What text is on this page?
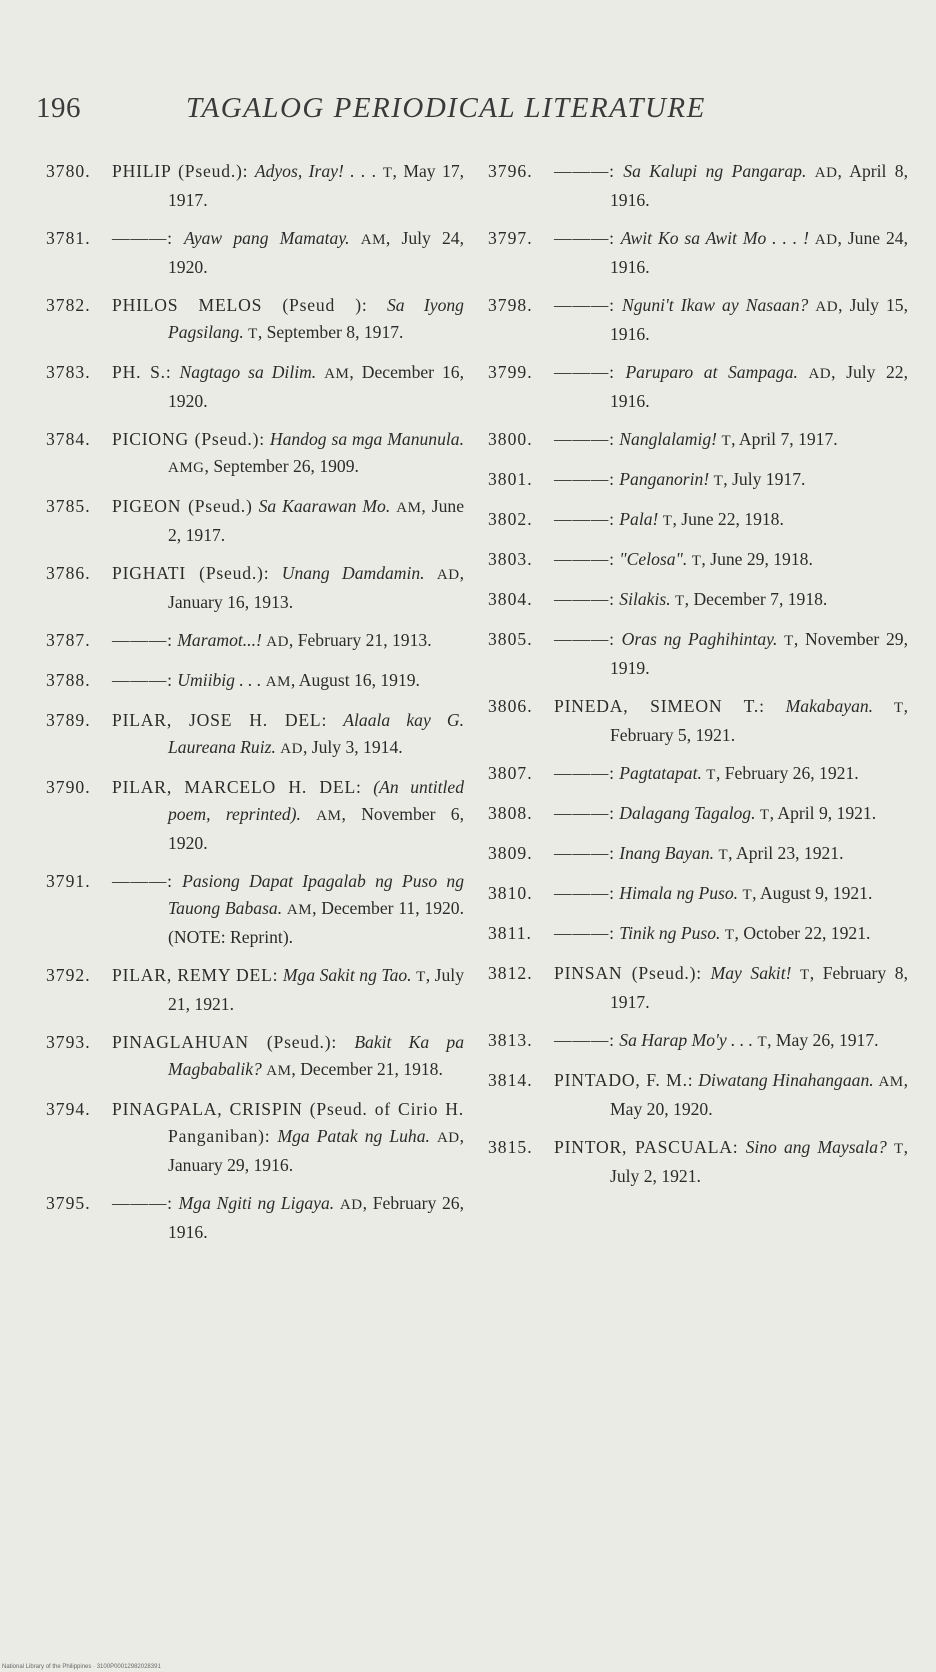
196	TAGALOG PERIODICAL LITERATURE
3780. PHILIP (Pseud.): Adyos, Iray! . . . T, May 17, 1917.
3781. ———: Ayaw pang Mamatay. AM, July 24, 1920.
3782. PHILOS MELOS (Pseud ): Sa Iyong Pagsilang. T, September 8, 1917.
3783. PH. S.: Nagtago sa Dilim. AM, December 16, 1920.
3784. PICIONG (Pseud.): Handog sa mga Manunula. AMG, September 26, 1909.
3785. PIGEON (Pseud.) Sa Kaarawan Mo. AM, June 2, 1917.
3786. PIGHATI (Pseud.): Unang Damdamin. AD, January 16, 1913.
3787. ———: Maramot...! AD, February 21, 1913.
3788. ———: Umiibig . . . AM, August 16, 1919.
3789. PILAR, JOSE H. DEL: Alaala kay G. Laureana Ruiz. AD, July 3, 1914.
3790. PILAR, MARCELO H. DEL: (An untitled poem, reprinted). AM, November 6, 1920.
3791. ———: Pasiong Dapat Ipagalab ng Puso ng Tauong Babasa. AM, December 11, 1920. (NOTE: Reprint).
3792. PILAR, REMY DEL: Mga Sakit ng Tao. T, July 21, 1921.
3793. PINAGLAHUAN (Pseud.): Bakit Ka pa Magbabalik? AM, December 21, 1918.
3794. PINAGPALA, CRISPIN (Pseud. of Cirio H. Panganiban): Mga Patak ng Luha. AD, January 29, 1916.
3795. ———: Mga Ngiti ng Ligaya. AD, February 26, 1916.
3796. ———: Sa Kalupi ng Pangarap. AD, April 8, 1916.
3797. ———: Awit Ko sa Awit Mo . . . ! AD, June 24, 1916.
3798. ———: Nguni't Ikaw ay Nasaan? AD, July 15, 1916.
3799. ———: Paruparo at Sampaga. AD, July 22, 1916.
3800. ———: Nanglalamig! T, April 7, 1917.
3801. ———: Panganorin! T, July 1917.
3802. ———: Pala! T, June 22, 1918.
3803. ———: "Celosa". T, June 29, 1918.
3804. ———: Silakis. T, December 7, 1918.
3805. ———: Oras ng Paghihintay. T, November 29, 1919.
3806. PINEDA, SIMEON T.: Makabayan. T, February 5, 1921.
3807. ———: Pagtatapat. T, February 26, 1921.
3808. ———: Dalagang Tagalog. T, April 9, 1921.
3809. ———: Inang Bayan. T, April 23, 1921.
3810. ———: Himala ng Puso. T, August 9, 1921.
3811. ———: Tinik ng Puso. T, October 22, 1921.
3812. PINSAN (Pseud.): May Sakit! T, February 8, 1917.
3813. ———: Sa Harap Mo'y . . . T, May 26, 1917.
3814. PINTADO, F. M.: Diwatang Hinahangaan. AM, May 20, 1920.
3815. PINTOR, PASCUALA: Sino ang Maysala? T, July 2, 1921.
National Library of the Philippines · 3100P00012982028391
